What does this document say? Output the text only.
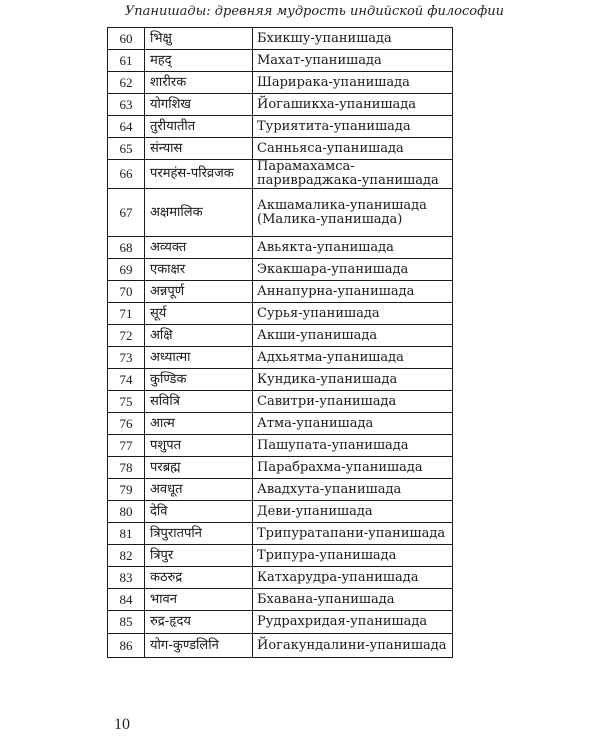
Упанишады: древняя мудрость индийской философии
60	भिक्षु	Бхикшу-упанишада
61	महद्	Махат-упанишада
62	शारीरक	Шарирака-упанишада
63	योगशिख	Йогашикха-упанишада
64	तुरीयातीत	Туриятита-упанишада
65	संन्यास	Санньяса-упанишада
66	परमहंस-परिव्रजक	Парамахамса-паривраджака-упанишада
67	अक्षमालिक	Акшамалика-упанишада (Малика-упанишада)
68	अव्यक्त	Авьякта-упанишада
69	एकाक्षर	Экакшара-упанишада
70	अन्नपूर्ण	Аннапурна-упанишада
71	सूर्य	Сурья-упанишада
72	अक्षि	Акши-упанишада
73	अध्यात्मा	Адхьятма-упанишада
74	कुण्डिक	Кундика-упанишада
75	सवित्रि	Савитри-упанишада
76	आत्म	Атма-упанишада
77	पशुपत	Пашупата-упанишада
78	परब्रह्म	Парабрахма-упанишада
79	अवधूत	Авадхута-упанишада
80	देवि	Деви-упанишада
81	त्रिपुरातपनि	Трипуратапани-упанишада
82	त्रिपुर	Трипура-упанишада
83	कठरुद्र	Катхарудра-упанишада
84	भावन	Бхавана-упанишада
85	रुद्र-हृदय	Рудрахридая-упанишада
86	योग-कुण्डलिनि	Йогакундалини-упанишада
10
